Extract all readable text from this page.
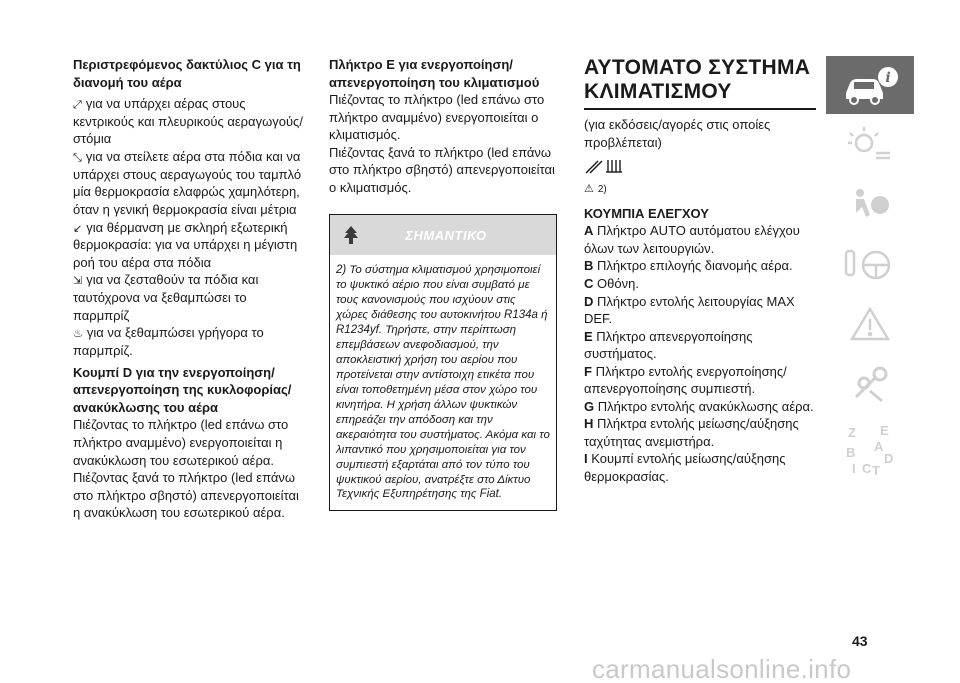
Περιστρεφόμενος δακτύλιος C για τη διανομή του αέρα

⤢ για να υπάρχει αέρας στους κεντρικούς και πλευρικούς αεραγωγούς/στόμια

⤡ για να στείλετε αέρα στα πόδια και να υπάρχει στους αεραγωγούς του ταμπλό μία θερμοκρασία ελαφρώς χαμηλότερη, όταν η γενική θερμοκρασία είναι μέτρια

↙ για θέρμανση με σκληρή εξωτερική θερμοκρασία: για να υπάρχει η μέγιστη ροή του αέρα στα πόδια

⇲ για να ζεσταθούν τα πόδια και ταυτόχρονα να ξεθαμπώσει το παρμπρίζ

♨ για να ξεθαμπώσει γρήγορα το παρμπρίζ.

Κουμπί D για την ενεργοποίηση/απενεργοποίηση της κυκλοφορίας/ανακύκλωσης του αέρα

Πιέζοντας το πλήκτρο (led επάνω στο πλήκτρο αναμμένο) ενεργοποιείται η ανακύκλωση του εσωτερικού αέρα.

Πιέζοντας ξανά το πλήκτρο (led επάνω στο πλήκτρο σβηστό) απενεργοποιείται η ανακύκλωση του εσωτερικού αέρα.

Πλήκτρο E για ενεργοποίηση/απενεργοποίηση του κλιματισμού

Πιέζοντας το πλήκτρο (led επάνω στο πλήκτρο αναμμένο) ενεργοποιείται ο κλιματισμός.

Πιέζοντας ξανά το πλήκτρο (led επάνω στο πλήκτρο σβηστό) απενεργοποιείται ο κλιματισμός.

ΣΗΜΑΝΤΙΚΟ
2) Το σύστημα κλιματισμού χρησιμοποιεί το ψυκτικό αέριο που είναι συμβατό με τους κανονισμούς που ισχύουν στις χώρες διάθεσης του αυτοκινήτου R134a ή R1234yf. Τηρήστε, στην περίπτωση επεμβάσεων ανεφοδιασμού, την αποκλειστική χρήση του αερίου που προτείνεται στην αντίστοιχη ετικέτα που είναι τοποθετημένη μέσα στον χώρο του κινητήρα. Η χρήση άλλων ψυκτικών επηρεάζει την απόδοση και την ακεραιότητα του συστήματος. Ακόμα και το λιπαντικό που χρησιμοποιείται για τον συμπιεστή εξαρτάται από τον τύπο του ψυκτικού αερίου, ανατρέξτε στο Δίκτυο Τεχνικής Εξυπηρέτησης της Fiat.
ΑΥΤΟΜΑΤΟ ΣΥΣΤΗΜΑ ΚΛΙΜΑΤΙΣΜΟΥ

(για εκδόσεις/αγορές στις οποίες προβλέπεται)

⚠ 2)

ΚΟΥΜΠΙΑ ΕΛΕΓΧΟΥ

A Πλήκτρο AUTO αυτόματου ελέγχου όλων των λειτουργιών.

B Πλήκτρο επιλογής διανομής αέρα.

C Οθόνη.

D Πλήκτρο εντολής λειτουργίας MAX DEF.

E Πλήκτρο απενεργοποίησης συστήματος.

F Πλήκτρο εντολής ενεργοποίησης/απενεργοποίησης συμπιεστή.

G Πλήκτρο εντολής ανακύκλωσης αέρα.

H Πλήκτρα εντολής μείωσης/αύξησης ταχύτητας ανεμιστήρα.

I Κουμπί εντολής μείωσης/αύξησης θερμοκρασίας.

i
Z E
A
B D
I C T
43
carmanualsonline.info
